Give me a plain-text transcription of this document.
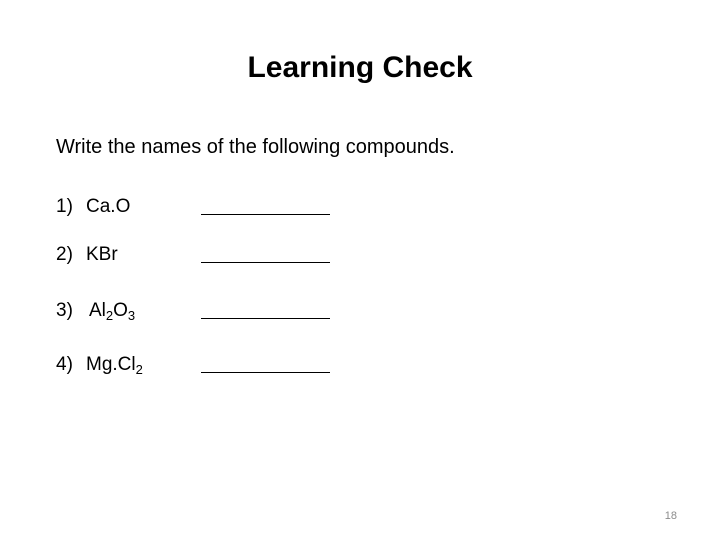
Learning Check
Write the names of the following compounds.
1) Ca.O
2) KBr
3) $Al_2O_3$
4) $Mg.Cl_2$
18
